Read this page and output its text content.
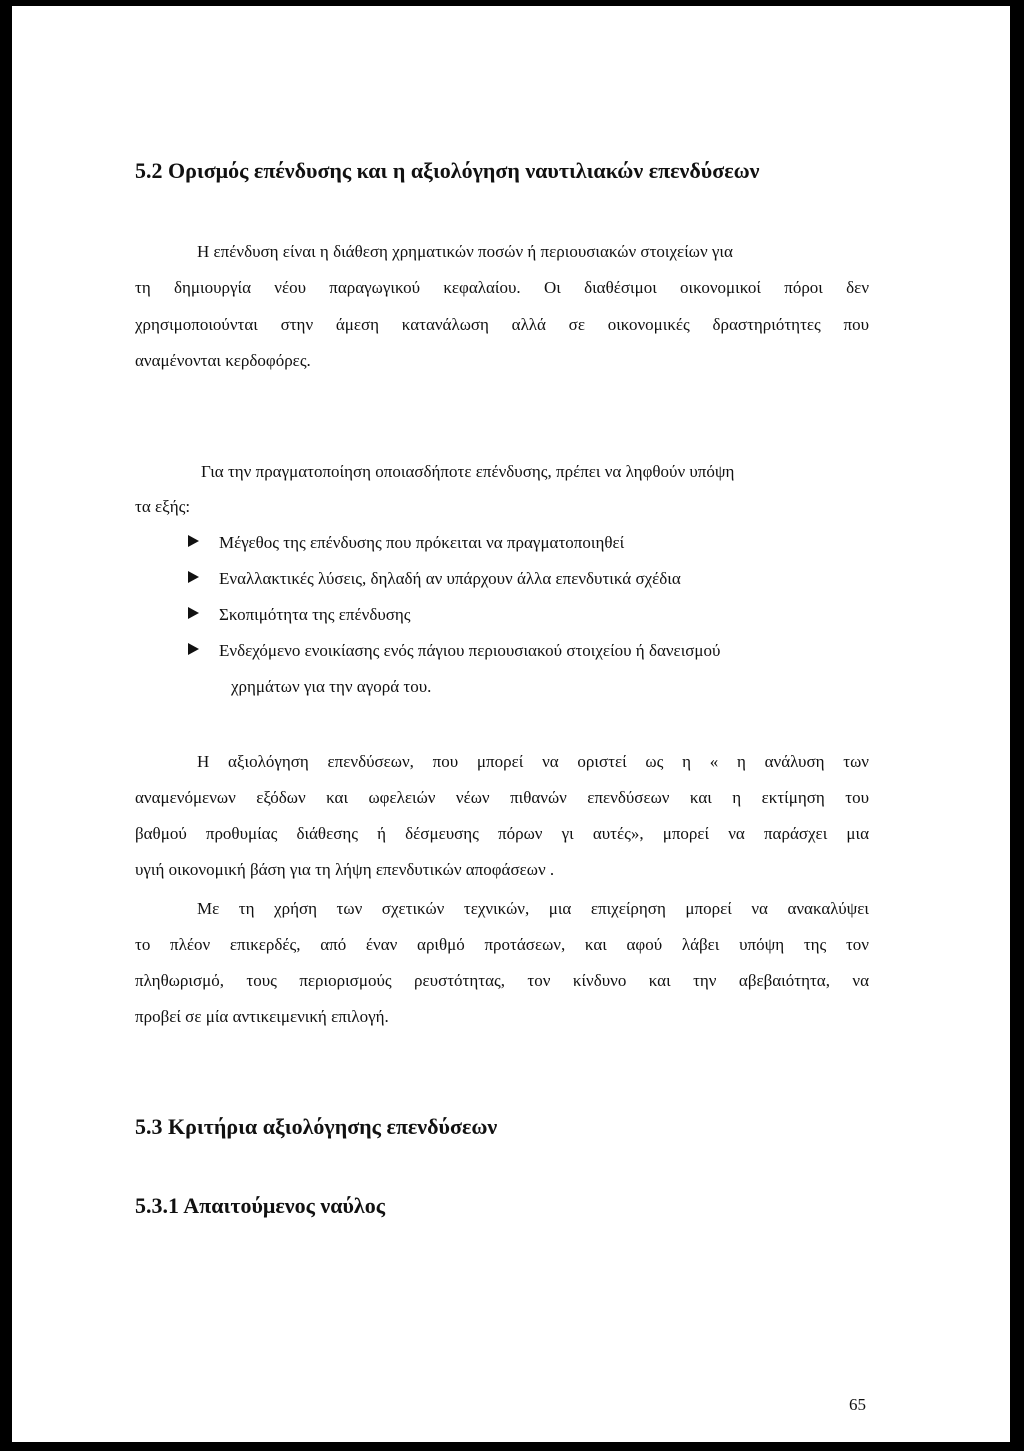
5.2 Ορισμός επένδυσης και η αξιολόγηση ναυτιλιακών επενδύσεων
Η επένδυση είναι η διάθεση χρηματικών ποσών ή περιουσιακών στοιχείων για
τη δημιουργία νέου παραγωγικού κεφαλαίου. Οι διαθέσιμοι οικονομικοί πόροι δεν
χρησιμοποιούνται στην άμεση κατανάλωση αλλά σε οικονομικές δραστηριότητες που
αναμένονται κερδοφόρες.
Για την πραγματοποίηση οποιασδήποτε επένδυσης, πρέπει να ληφθούν υπόψη
τα εξής:
Μέγεθος της επένδυσης που πρόκειται να πραγματοποιηθεί
Εναλλακτικές λύσεις, δηλαδή αν υπάρχουν άλλα επενδυτικά σχέδια
Σκοπιμότητα της επένδυσης
Ενδεχόμενο ενοικίασης ενός πάγιου περιουσιακού στοιχείου ή δανεισμού
χρημάτων για την αγορά του.
Η αξιολόγηση επενδύσεων, που μπορεί να οριστεί ως η « η ανάλυση των
αναμενόμενων εξόδων και ωφελειών νέων πιθανών επενδύσεων και η εκτίμηση του
βαθμού προθυμίας διάθεσης ή δέσμευσης πόρων γι αυτές», μπορεί να παράσχει μια
υγιή οικονομική βάση για τη λήψη επενδυτικών αποφάσεων .
Με τη χρήση των σχετικών τεχνικών, μια επιχείρηση μπορεί να ανακαλύψει
το πλέον επικερδές, από έναν αριθμό προτάσεων, και αφού λάβει υπόψη της τον
πληθωρισμό, τους περιορισμούς ρευστότητας, τον κίνδυνο και την αβεβαιότητα, να
προβεί σε μία αντικειμενική επιλογή.
5.3 Κριτήρια αξιολόγησης επενδύσεων
5.3.1 Απαιτούμενος ναύλος
65
